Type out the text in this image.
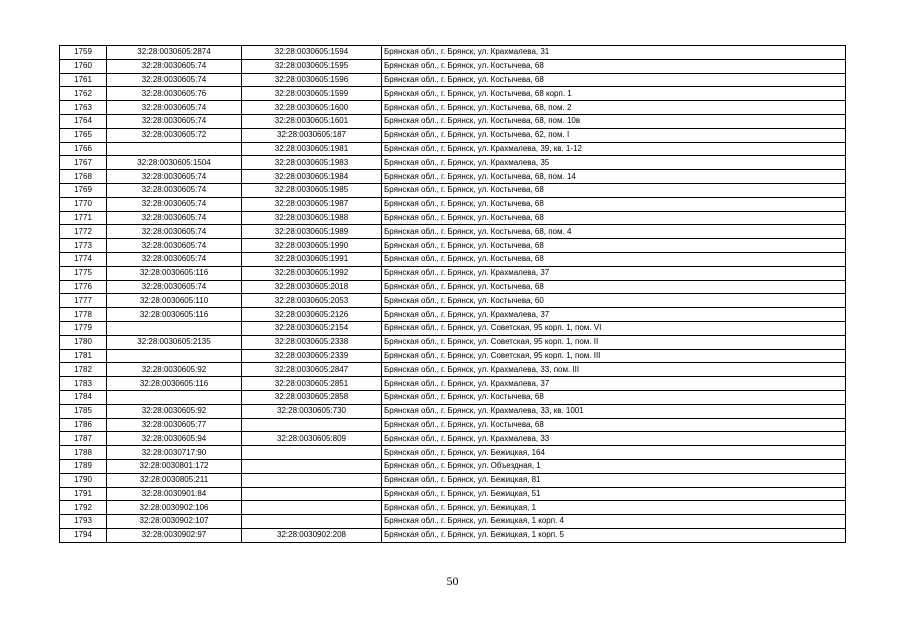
1759	32:28:0030605:2874	32:28:0030605:1594	Брянская обл., г. Брянск, ул. Крахмалева, 31
1760	32:28:0030605:74	32:28:0030605:1595	Брянская обл., г. Брянск, ул. Костычева, 68
1761	32:28:0030605:74	32:28:0030605:1596	Брянская обл., г. Брянск, ул. Костычева, 68
1762	32:28:0030605:76	32:28:0030605:1599	Брянская обл., г. Брянск, ул. Костычева, 68 корп. 1
1763	32:28:0030605:74	32:28:0030605:1600	Брянская обл., г. Брянск, ул. Костычева, 68, пом. 2
1764	32:28:0030605:74	32:28:0030605:1601	Брянская обл., г. Брянск, ул. Костычева, 68, пом. 10в
1765	32:28:0030605:72	32:28:0030605:187	Брянская обл., г. Брянск, ул. Костычева, 62, пом. I
1766		32:28:0030605:1981	Брянская обл., г. Брянск, ул. Крахмалева, 39, кв. 1-12
1767	32:28:0030605:1504	32:28:0030605:1983	Брянская обл., г. Брянск, ул. Крахмалева, 35
1768	32:28:0030605:74	32:28:0030605:1984	Брянская обл., г. Брянск, ул. Костычева, 68, пом. 14
1769	32:28:0030605:74	32:28:0030605:1985	Брянская обл., г. Брянск, ул. Костычева, 68
1770	32:28:0030605:74	32:28:0030605:1987	Брянская обл., г. Брянск, ул. Костычева, 68
1771	32:28:0030605:74	32:28:0030605:1988	Брянская обл., г. Брянск, ул. Костычева, 68
1772	32:28:0030605:74	32:28:0030605:1989	Брянская обл., г. Брянск, ул. Костычева, 68, пом. 4
1773	32:28:0030605:74	32:28:0030605:1990	Брянская обл., г. Брянск, ул. Костычева, 68
1774	32:28:0030605:74	32:28:0030605:1991	Брянская обл., г. Брянск, ул. Костычева, 68
1775	32:28:0030605:116	32:28:0030605:1992	Брянская обл., г. Брянск, ул. Крахмалева, 37
1776	32:28:0030605:74	32:28:0030605:2018	Брянская обл., г. Брянск, ул. Костычева, 68
1777	32:28:0030605:110	32:28:0030605:2053	Брянская обл., г. Брянск, ул. Костычева, 60
1778	32:28:0030605:116	32:28:0030605:2126	Брянская обл., г. Брянск, ул. Крахмалева, 37
1779		32:28:0030605:2154	Брянская обл., г. Брянск, ул. Советская, 95 корп. 1, пом. VI
1780	32:28:0030605:2135	32:28:0030605:2338	Брянская обл., г. Брянск, ул. Советская, 95 корп. 1, пом. II
1781		32:28:0030605:2339	Брянская обл., г. Брянск, ул. Советская, 95 корп. 1, пом. III
1782	32:28:0030605:92	32:28:0030605:2847	Брянская обл., г. Брянск, ул. Крахмалева, 33, пом. III
1783	32:28:0030605:116	32:28:0030605:2851	Брянская обл., г. Брянск, ул. Крахмалева, 37
1784		32:28:0030605:2858	Брянская обл., г. Брянск, ул. Костычева, 68
1785	32:28:0030605:92	32:28:0030605:730	Брянская обл., г. Брянск, ул. Крахмалева, 33, кв. 1001
1786	32:28:0030605:77		Брянская обл., г. Брянск, ул. Костычева, 68
1787	32:28:0030605:94	32:28:0030605:809	Брянская обл., г. Брянск, ул. Крахмалева, 33
1788	32:28:0030717:90		Брянская обл., г. Брянск, ул. Бежицкая, 164
1789	32:28:0030801:172		Брянская обл., г. Брянск, ул. Объездная, 1
1790	32:28:0030805:211		Брянская обл., г. Брянск, ул. Бежицкая, 81
1791	32:28:0030901:84		Брянская обл., г. Брянск, ул. Бежицкая, 51
1792	32:28:0030902:106		Брянская обл., г. Брянск, ул. Бежицкая, 1
1793	32:28:0030902:107		Брянская обл., г. Брянск, ул. Бежицкая, 1 корп. 4
1794	32:28:0030902:97	32:28:0030902:208	Брянская обл., г. Брянск, ул. Бежицкая, 1 корп. 5
50
